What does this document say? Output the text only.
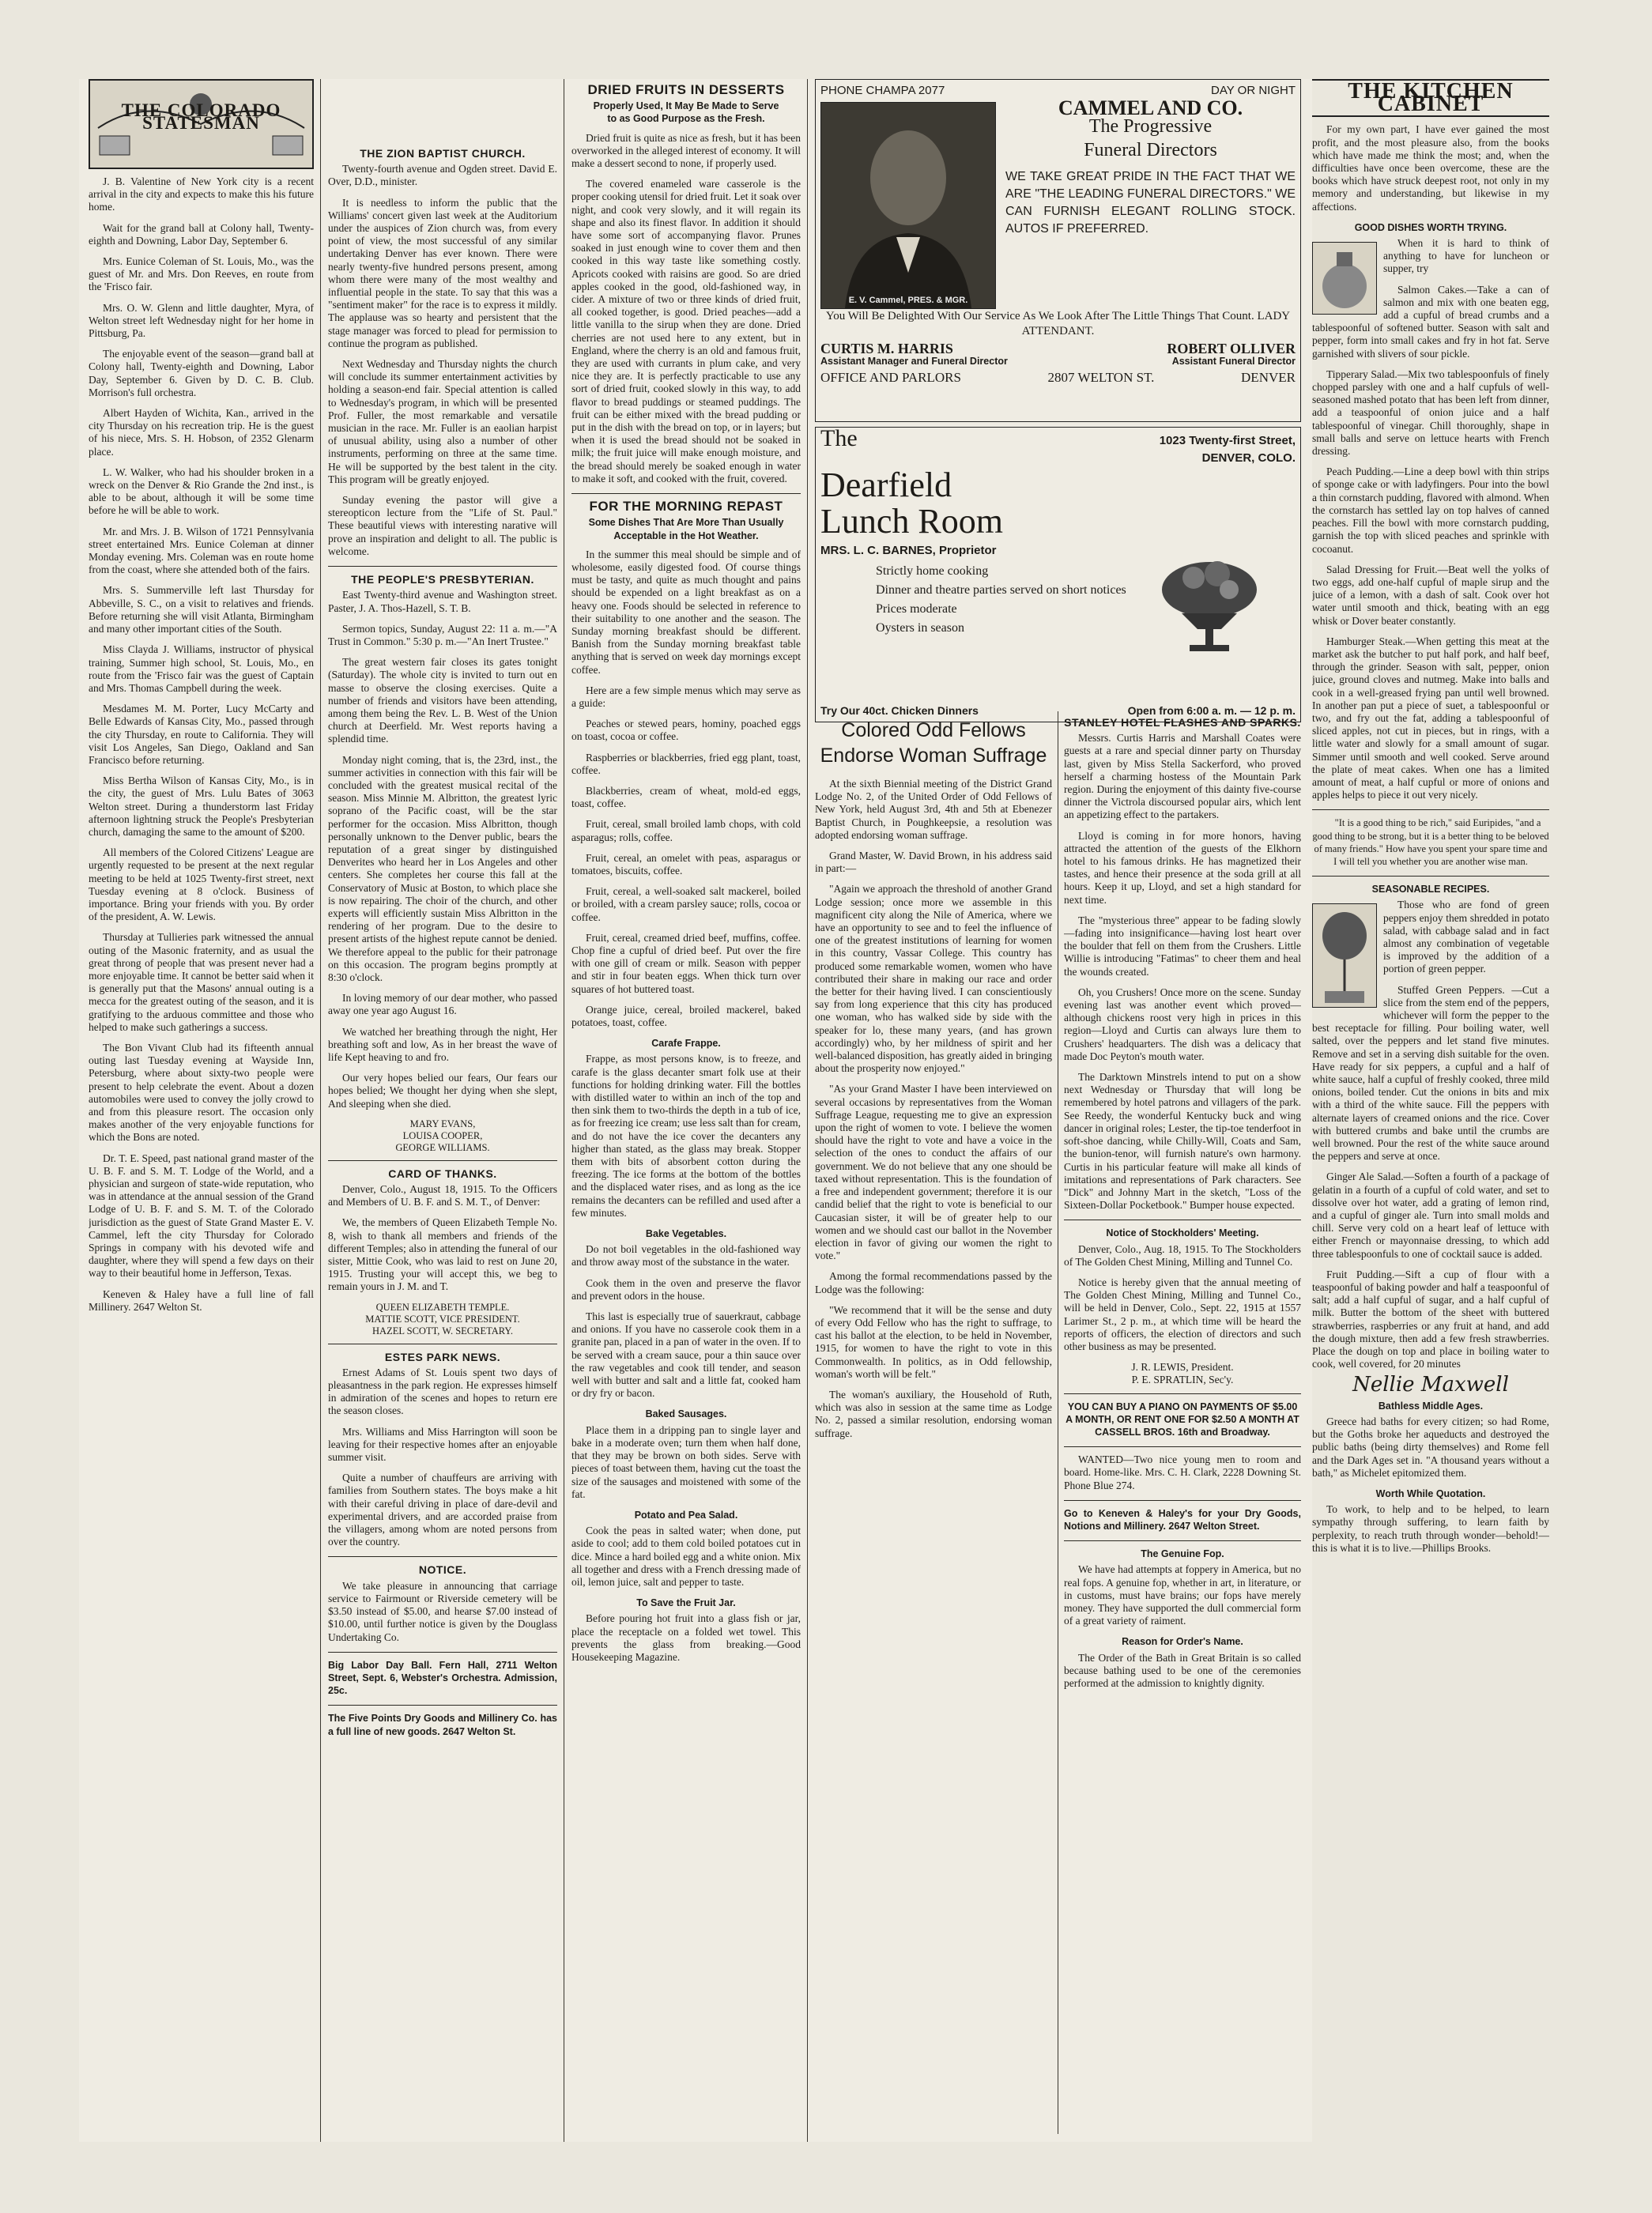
THE COLORADO STATESMAN

J. B. Valentine of New York city is a recent arrival in the city and expects to make this his future home.

Wait for the grand ball at Colony hall, Twenty-eighth and Downing, Labor Day, September 6.

Mrs. Eunice Coleman of St. Louis, Mo., was the guest of Mr. and Mrs. Don Reeves, en route from the 'Frisco fair.

Mrs. O. W. Glenn and little daughter, Myra, of Welton street left Wednesday night for her home in Pittsburg, Pa.

The enjoyable event of the season—grand ball at Colony hall, Twenty-eighth and Downing, Labor Day, September 6. Given by D. C. B. Club. Morrison's full orchestra.

Albert Hayden of Wichita, Kan., arrived in the city Thursday on his recreation trip. He is the guest of his niece, Mrs. S. H. Hobson, of 2352 Glenarm place.

L. W. Walker, who had his shoulder broken in a wreck on the Denver & Rio Grande the 2nd inst., is able to be about, although it will be some time before he will be able to work.

Mr. and Mrs. J. B. Wilson of 1721 Pennsylvania street entertained Mrs. Eunice Coleman at dinner Monday evening. Mrs. Coleman was en route home from the coast, where she attended both of the fairs.

Mrs. S. Summerville left last Thursday for Abbeville, S. C., on a visit to relatives and friends. Before returning she will visit Atlanta, Birmingham and many other important cities of the South.

Miss Clayda J. Williams, instructor of physical training, Summer high school, St. Louis, Mo., en route from the 'Frisco fair was the guest of Captain and Mrs. Thomas Campbell during the week.

Mesdames M. M. Porter, Lucy McCarty and Belle Edwards of Kansas City, Mo., passed through the city Thursday, en route to California. They will visit Los Angeles, San Diego, Oakland and San Francisco before returning.

Miss Bertha Wilson of Kansas City, Mo., is in the city, the guest of Mrs. Lulu Bates of 3063 Welton street. During a thunderstorm last Friday afternoon lightning struck the People's Presbyterian church, damaging the same to the amount of $200.

All members of the Colored Citizens' League are urgently requested to be present at the next regular meeting to be held at 1025 Twenty-first street, next Tuesday evening at 8 o'clock. Business of importance. Bring your friends with you. By order of the president, A. W. Lewis.

Thursday at Tullieries park witnessed the annual outing of the Masonic fraternity, and as usual the great throng of people that was present never had a more enjoyable time. It cannot be better said when it is generally put that the Masons' annual outing is a mecca for the greatest outing of the season, and it is gratifying to the arduous committee and those who helped to make such gatherings a success.

The Bon Vivant Club had its fifteenth annual outing last Tuesday evening at Wayside Inn, Petersburg, where about sixty-two people were present to help celebrate the event. About a dozen automobiles were used to convey the jolly crowd to and from this pleasure resort. The occasion only makes another of the very enjoyable functions for which the Bons are noted.

Dr. T. E. Speed, past national grand master of the U. B. F. and S. M. T. Lodge of the World, and a physician and surgeon of state-wide reputation, who was in attendance at the annual session of the Grand Lodge of U. B. F. and S. M. T. of the Colorado jurisdiction as the guest of State Grand Master E. V. Cammel, left the city Thursday for Colorado Springs in company with his devoted wife and daughter, where they will spend a few days on their way to their beautiful home in Jefferson, Texas.

Keneven & Haley have a full line of fall Millinery. 2647 Welton St.

THE ZION BAPTIST CHURCH.

Twenty-fourth avenue and Ogden street. David E. Over, D.D., minister.

It is needless to inform the public that the Williams' concert given last week at the Auditorium under the auspices of Zion church was, from every point of view, the most successful of any similar undertaking Denver has ever known. There were nearly twenty-five hundred persons present, among whom there were many of the most wealthy and influential people in the state. To say that this was a "sentiment maker" for the race is to express it mildly. The applause was so hearty and persistent that the stage manager was forced to plead for permission to continue the program as published.

Next Wednesday and Thursday nights the church will conclude its summer entertainment activities by holding a season-end fair. Special attention is called to Wednesday's program, in which will be presented Prof. Fuller, the most remarkable and versatile musician in the race. Mr. Fuller is an eaolian harpist of unusual ability, using also a number of other instruments, performing on three at the same time. He will be supported by the best talent in the city. This program will be greatly enjoyed.

Sunday evening the pastor will give a stereopticon lecture from the "Life of St. Paul." These beautiful views with interesting narative will prove an inspiration and delight to all. The public is welcome.

THE PEOPLE'S PRESBYTERIAN.

East Twenty-third avenue and Washington street. Paster, J. A. Thos-Hazell, S. T. B.

Sermon topics, Sunday, August 22: 11 a. m.—"A Trust in Common." 5:30 p. m.—"An Inert Trustee."

The great western fair closes its gates tonight (Saturday). The whole city is invited to turn out en masse to observe the closing exercises. Quite a number of friends and visitors have been attending, among them being the Rev. L. B. West of the Union church at Deerfield. Mr. West reports having a splendid time.

Monday night coming, that is, the 23rd, inst., the summer activities in connection with this fair will be concluded with the greatest musical recital of the season. Miss Minnie M. Albritton, the greatest lyric soprano of the Pacific coast, will be the star performer for the occasion. Miss Albritton, though personally unknown to the Denver public, bears the reputation of a great singer by distinguished Denverites who heard her in Los Angeles and other centers. She completes her course this fall at the Conservatory of Music at Boston, to which place she is now repairing. The choir of the church, and other experts will efficiently sustain Miss Albritton in the rendering of her program. Due to the desire to present artists of the highest repute cannot be denied. We therefore appeal to the public for their patronage on this occasion. The program begins promptly at 8:30 o'clock.

In loving memory of our dear mother, who passed away one year ago August 16.

We watched her breathing through the night, Her breathing soft and low, As in her breast the wave of life Kept heaving to and fro.

Our very hopes belied our fears, Our fears our hopes belied; We thought her dying when she slept, And sleeping when she died.

MARY EVANS,
LOUISA COOPER,
GEORGE WILLIAMS.
CARD OF THANKS.

Denver, Colo., August 18, 1915. To the Officers and Members of U. B. F. and S. M. T., of Denver:

We, the members of Queen Elizabeth Temple No. 8, wish to thank all members and friends of the different Temples; also in attending the funeral of our sister, Mittie Cook, who was laid to rest on June 20, 1915. Trusting your will accept this, we beg to remain yours in J. M. and T.

QUEEN ELIZABETH TEMPLE.
MATTIE SCOTT, VICE PRESIDENT.
HAZEL SCOTT, W. SECRETARY.
ESTES PARK NEWS.

Ernest Adams of St. Louis spent two days of pleasantness in the park region. He expresses himself in admiration of the scenes and hopes to return ere the season closes.

Mrs. Williams and Miss Harrington will soon be leaving for their respective homes after an enjoyable summer visit.

Quite a number of chauffeurs are arriving with families from Southern states. The boys make a hit with their careful driving in place of dare-devil and experimental drivers, and are accorded praise from the villagers, among whom are noted persons from over the country.

NOTICE.

We take pleasure in announcing that carriage service to Fairmount or Riverside cemetery will be $3.50 instead of $5.00, and hearse $7.00 instead of $10.00, until further notice is given by the Douglass Undertaking Co.

Big Labor Day Ball. Fern Hall, 2711 Welton Street, Sept. 6, Webster's Orchestra. Admission, 25c.

The Five Points Dry Goods and Millinery Co. has a full line of new goods. 2647 Welton St.

DRIED FRUITS IN DESSERTS
Properly Used, It May Be Made to Serve to as Good Purpose as the Fresh.

Dried fruit is quite as nice as fresh, but it has been overworked in the alleged interest of economy. It will make a dessert second to none, if properly used.

The covered enameled ware casserole is the proper cooking utensil for dried fruit. Let it soak over night, and cook very slowly, and it will regain its shape and also its finest flavor. In addition it should have some sort of accompanying flavor. Prunes soaked in just enough wine to cover them and then cooked in this way taste like something costly. Apricots cooked with raisins are good. So are dried apples cooked in the good, old-fashioned way, in cider. A mixture of two or three kinds of dried fruit, all cooked together, is good. Dried peaches—add a little vanilla to the sirup when they are done. Dried cherries are not used here to any extent, but in England, where the cherry is an old and famous fruit, they are used with currants in plum cake, and very nice they are. It is perfectly practicable to use any sort of dried fruit, cooked slowly in this way, to add flavor to bread puddings or steamed puddings. The fruit can be either mixed with the bread pudding or put in the dish with the bread on top, or in layers; but when it is used the bread should not be soaked in milk; the fruit juice will make enough moisture, and the bread should merely be soaked enough in water to make it soft, and cooked with the fruit, covered.

FOR THE MORNING REPAST
Some Dishes That Are More Than Usually Acceptable in the Hot Weather.

In the summer this meal should be simple and of wholesome, easily digested food. Of course things must be tasty, and quite as much thought and pains should be expended on a light breakfast as on a heavy one. Foods should be selected in reference to their suitability to one another and the season. The Sunday morning breakfast should be different. Banish from the Sunday morning breakfast table anything that is served on week day mornings except coffee.

Here are a few simple menus which may serve as a guide:

Peaches or stewed pears, hominy, poached eggs on toast, cocoa or coffee.

Raspberries or blackberries, fried egg plant, toast, coffee.

Blackberries, cream of wheat, mold-ed eggs, toast, coffee.

Fruit, cereal, small broiled lamb chops, with cold asparagus; rolls, coffee.

Fruit, cereal, an omelet with peas, asparagus or tomatoes, biscuits, coffee.

Fruit, cereal, a well-soaked salt mackerel, boiled or broiled, with a cream parsley sauce; rolls, cocoa or coffee.

Fruit, cereal, creamed dried beef, muffins, coffee. Chop fine a cupful of dried beef. Put over the fire with one gill of cream or milk. Season with pepper and stir in four beaten eggs. When thick turn over squares of hot buttered toast.

Orange juice, cereal, broiled mackerel, baked potatoes, toast, coffee.

Carafe Frappe.

Frappe, as most persons know, is to freeze, and carafe is the glass decanter smart folk use at their functions for holding drinking water. Fill the bottles with distilled water to within an inch of the top and then sink them to two-thirds the depth in a tub of ice, as for freezing ice cream; use less salt than for cream, and do not have the ice cover the decanters any higher than stated, as the glass may break. Stopper them with bits of absorbent cotton during the freezing. The ice forms at the bottom of the bottles and the displaced water rises, and as long as the ice remains the decanters can be refilled and used after a few minutes.

Bake Vegetables.

Do not boil vegetables in the old-fashioned way and throw away most of the substance in the water.

Cook them in the oven and preserve the flavor and prevent odors in the house.

This last is especially true of sauerkraut, cabbage and onions. If you have no casserole cook them in a granite pan, placed in a pan of water in the oven. If to be served with a cream sauce, pour a thin sauce over the raw vegetables and cook till tender, and season well with butter and salt and a little fat, cooked ham or dry fry or bacon.

Baked Sausages.

Place them in a dripping pan to single layer and bake in a moderate oven; turn them when half done, that they may be brown on both sides. Serve with pieces of toast between them, having cut the toast the size of the sausages and moistened with some of the fat.

Potato and Pea Salad.

Cook the peas in salted water; when done, put aside to cool; add to them cold boiled potatoes cut in dice. Mince a hard boiled egg and a white onion. Mix all together and dress with a French dressing made of oil, lemon juice, salt and pepper to taste.

To Save the Fruit Jar.

Before pouring hot fruit into a glass fish or jar, place the receptacle on a folded wet towel. This prevents the glass from breaking.—Good Housekeeping Magazine.

PHONE CHAMPA 2077	DAY OR NIGHT
E. V. Cammel, PRES. & MGR.
CAMMEL AND CO.
The Progressive
Funeral Directors
WE TAKE GREAT PRIDE IN THE FACT THAT WE ARE "THE LEADING FUNERAL DIRECTORS." WE CAN FURNISH ELEGANT ROLLING STOCK. AUTOS IF PREFERRED.
You Will Be Delighted With Our Service As We Look After The Little Things That Count. LADY ATTENDANT.
CURTIS M. HARRIS
Assistant Manager and Funeral Director
ROBERT OLLIVER
Assistant Funeral Director
OFFICE AND PARLORS	2807 WELTON ST.	DENVER
The	1023 Twenty-first Street,
DENVER, COLO.
Dearfield
Lunch Room
MRS. L. C. BARNES, Proprietor
Strictly home cooking
Dinner and theatre parties served on short notices
Prices moderate
Oysters in season
Try Our 40ct. Chicken Dinners	Open from 6:00 a. m. — 12 p. m.
Colored Odd Fellows Endorse Woman Suffrage

At the sixth Biennial meeting of the District Grand Lodge No. 2, of the United Order of Odd Fellows of New York, held August 3rd, 4th and 5th at Ebenezer Baptist Church, in Poughkeepsie, a resolution was adopted endorsing woman suffrage.

Grand Master, W. David Brown, in his address said in part:—

"Again we approach the threshold of another Grand Lodge session; once more we assemble in this magnificent city along the Nile of America, where we have an opportunity to see and to feel the influence of one of the greatest institutions of learning for women in this country, Vassar College. This country has produced some remarkable women, women who have contributed their share in making our race and order the better for their having lived. I can conscientiously say from long experience that this city has produced one woman, who has walked side by side with the speaker for lo, these many years, (and has grown accordingly) who, by her mildness of spirit and her well-balanced disposition, has greatly aided in bringing about the prosperity now enjoyed."

"As your Grand Master I have been interviewed on several occasions by representatives from the Woman Suffrage League, requesting me to give an expression upon the right of women to vote. I believe the women should have the right to vote and have a voice in the selection of the ones to conduct the affairs of our government. We do not believe that any one should be taxed without representation. This is the foundation of a free and independent government; therefore it is our candid belief that the right to vote is beneficial to our Caucasian sister, it will be of greater help to our women and we should cast our ballot in the November election in favor of giving our women the right to vote."

Among the formal recommendations passed by the Lodge was the following:

"We recommend that it will be the sense and duty of every Odd Fellow who has the right to suffrage, to cast his ballot at the election, to be held in November, 1915, for women to have the right to vote in this Commonwealth. In politics, as in Odd fellowship, woman's worth will be felt."

The woman's auxiliary, the Household of Ruth, which was also in session at the same time as Lodge No. 2, passed a similar resolution, endorsing woman suffrage.

STANLEY HOTEL FLASHES AND SPARKS.

Messrs. Curtis Harris and Marshall Coates were guests at a rare and special dinner party on Thursday last, given by Miss Stella Sackerford, who proved herself a charming hostess of the Mountain Park region. During the enjoyment of this dainty five-course dinner the Victrola discoursed popular airs, which lent an appetizing effect to the partakers.

Lloyd is coming in for more honors, having attracted the attention of the guests of the Elkhorn hotel to his famous drinks. He has magnetized their tastes, and hence their presence at the soda grill at all hours. Keep it up, Lloyd, and set a high standard for next time.

The "mysterious three" appear to be fading slowly—fading into insignificance—having lost heart over the boulder that fell on them from the Crushers. Little Willie is introducing "Fatimas" to cheer them and heal the wounds created.

Oh, you Crushers! Once more on the scene. Sunday evening last was another event which proved—although chickens roost very high in prices in this region—Lloyd and Curtis can always lure them to Crushers' headquarters. The dish was a delicacy that made Doc Peyton's mouth water.

The Darktown Minstrels intend to put on a show next Wednesday or Thursday that will long be remembered by hotel patrons and villagers of the park. See Reedy, the wonderful Kentucky buck and wing dancer in original roles; Lester, the tip-toe tenderfoot in soft-shoe dancing, while Chilly-Will, Coats and Sam, the bunion-tenor, will furnish nature's own harmony. Curtis in his particular feature will make all kinds of imitations and representations of Park characters. See "Dick" and Johnny Mart in the sketch, "Loss of the Sixteen-Dollar Pocketbook." Bumper house expected.

Notice of Stockholders' Meeting.

Denver, Colo., Aug. 18, 1915. To The Stockholders of The Golden Chest Mining, Milling and Tunnel Co.

Notice is hereby given that the annual meeting of The Golden Chest Mining, Milling and Tunnel Co., will be held in Denver, Colo., Sept. 22, 1915 at 1557 Larimer St., 2 p. m., at which time will be heard the reports of officers, the election of directors and such other business as may be presented.

J. R. LEWIS, President.
P. E. SPRATLIN, Sec'y.

YOU CAN BUY A PIANO ON PAYMENTS OF $5.00 A MONTH, OR RENT ONE FOR $2.50 A MONTH AT CASSELL BROS. 16th and Broadway.

WANTED—Two nice young men to room and board. Home-like. Mrs. C. H. Clark, 2228 Downing St. Phone Blue 274.

Go to Keneven & Haley's for your Dry Goods, Notions and Millinery. 2647 Welton Street.

The Genuine Fop.

We have had attempts at foppery in America, but no real fops. A genuine fop, whether in art, in literature, or in customs, must have brains; our fops have merely money. They have supported the dull commercial form of a great variety of raiment.

Reason for Order's Name.

The Order of the Bath in Great Britain is so called because bathing used to be one of the ceremonies performed at the admission to knightly dignity.

THE KITCHEN CABINET

For my own part, I have ever gained the most profit, and the most pleasure also, from the books which have made me think the most; and, when the difficulties have once been overcome, these are the books which have struck deepest root, not only in my memory and understanding, but likewise in my affections.

GOOD DISHES WORTH TRYING.

When it is hard to think of anything to have for luncheon or supper, try

Salmon Cakes.—Take a can of salmon and mix with one beaten egg, add a cupful of bread crumbs and a tablespoonful of softened butter. Season with salt and pepper, form into small cakes and fry in hot fat. Serve garnished with slivers of sour pickle.

Tipperary Salad.—Mix two tablespoonfuls of finely chopped parsley with one and a half cupfuls of well-seasoned mashed potato that has been left from dinner, add a teaspoonful of onion juice and a half tablespoonful of vinegar. Chill thoroughly, shape in small balls and serve on lettuce hearts with French dressing.

Peach Pudding.—Line a deep bowl with thin strips of sponge cake or with ladyfingers. Pour into the bowl a thin cornstarch pudding, flavored with almond. When the cornstarch has settled lay on top halves of canned peaches. Fill the bowl with more cornstarch pudding, garnish the top with sliced peaches and sprinkle with cocoanut.

Salad Dressing for Fruit.—Beat well the yolks of two eggs, add one-half cupful of maple sirup and the juice of a lemon, with a dash of salt. Cook over hot water until smooth and thick, beating with an egg whisk or Dover beater constantly.

Hamburger Steak.—When getting this meat at the market ask the butcher to put half pork, and half beef, through the grinder. Season with salt, pepper, onion juice, ground cloves and nutmeg. Make into balls and cook in a well-greased frying pan until well browned. In another pan put a piece of suet, a tablespoonful or two, and fry out the fat, adding a tablespoonful of sliced apples, not cut in pieces, but in rings, with a little water and slowly for a small amount of sugar. Simmer until smooth and well cooked. Serve around the plate of meat cakes. When one has a limited amount of meat, a half cupful or more of onions and apples helps to piece it out very nicely.

"It is a good thing to be rich," said Euripides, "and a good thing to be strong, but it is a better thing to be beloved of many friends." How have you spent your spare time and I will tell you whether you are another wise man.

SEASONABLE RECIPES.

Those who are fond of green peppers enjoy them shredded in potato salad, with cabbage salad and in fact almost any combination of vegetable is improved by the addition of a portion of green pepper.

Stuffed Green Peppers. —Cut a slice from the stem end of the peppers, whichever will form the pepper to the best receptacle for filling. Pour boiling water, well salted, over the peppers and let stand five minutes. Remove and set in a serving dish suitable for the oven. Have ready for six peppers, a cupful and a half of white sauce, half a cupful of freshly cooked, three mild onions, boiled tender. Cut the onions in bits and mix with a third of the white sauce. Fill the peppers with alternate layers of creamed onions and the rice. Cover with buttered crumbs and bake until the crumbs are well browned. Pour the rest of the white sauce around the peppers and serve at once.

Ginger Ale Salad.—Soften a fourth of a package of gelatin in a fourth of a cupful of cold water, and set to dissolve over hot water, add a grating of lemon rind, and a cupful of ginger ale. Turn into small molds and chill. Serve very cold on a heart leaf of lettuce with either French or mayonnaise dressing, to which add three tablespoonfuls to one of cocktail sauce is added.

Fruit Pudding.—Sift a cup of flour with a teaspoonful of baking powder and half a teaspoonful of salt; add a half cupful of sugar, and a half cupful of milk. Butter the bottom of the sheet with buttered strawberries, raspberries or any fruit at hand, and add the dough mixture, then add a few fresh strawberries. Place the dough on top and place in boiling water to cook, well covered, for 20 minutes

Nellie Maxwell
Bathless Middle Ages.

Greece had baths for every citizen; so had Rome, but the Goths broke her aqueducts and destroyed the public baths (being dirty themselves) and Rome fell and the Dark Ages set in. "A thousand years without a bath," as Michelet epitomized them.

Worth While Quotation.

To work, to help and to be helped, to learn sympathy through suffering, to learn faith by perplexity, to reach truth through wonder—behold!—this is what it is to live.—Phillips Brooks.
